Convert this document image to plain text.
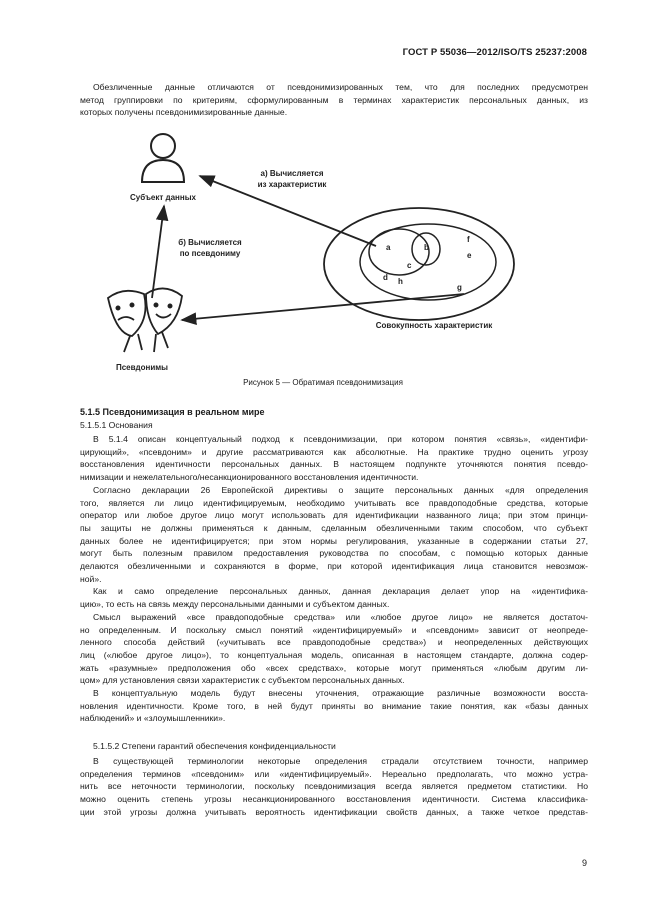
ГОСТ Р 55036—2012/ISO/TS 25237:2008
Обезличенные данные отличаются от псевдонимизированных тем, что для последних предусмотрен
метод группировки по критериям, сформулированным в терминах характеристик персональных данных, из
которых получены псевдонимизированные данные.
Субъект данных
a	b
c
d
e
f
g
h
а) Вычисляется
из характеристик
б) Вычисляется
по псевдониму
Псевдонимы
Совокупность характеристик
Рисунок 5 — Обратимая псевдонимизация
5.1.5 Псевдонимизация в реальном мире
5.1.5.1 Основания
В 5.1.4 описан концептуальный подход к псевдонимизации, при котором понятия «связь», «идентифи-
цирующий», «псевдоним» и другие рассматриваются как абсолютные. На практике трудно оценить угрозу
восстановления идентичности персональных данных. В настоящем подпункте уточняются понятия псевдо-
нимизации и нежелательного/несанкционированного восстановления идентичности.
Согласно декларации 26 Европейской директивы о защите персональных данных «для определения
того, является ли лицо идентифицируемым, необходимо учитывать все правдоподобные средства, которые
оператор или любое другое лицо могут использовать для идентификации названного лица; при этом принци-
пы защиты не должны применяться к данным, сделанным обезличенными таким способом, что субъект
данных более не идентифицируется; при этом нормы регулирования, указанные в содержании статьи 27,
могут быть полезным правилом предоставления руководства по способам, с помощью которых данные
делаются обезличенными и сохраняются в форме, при которой идентификация лица становится невозмож-
ной».
Как и само определение персональных данных, данная декларация делает упор на «идентифика-
цию», то есть на связь между персональными данными и субъектом данных.
Смысл выражений «все правдоподобные средства» или «любое другое лицо» не является достаточ-
но определенным. И поскольку смысл понятий «идентифицируемый» и «псевдоним» зависит от неопреде-
ленного способа действий («учитывать все правдоподобные средства») и неопределенных действующих
лиц («любое другое лицо»), то концептуальная модель, описанная в настоящем стандарте, должна содер-
жать «разумные» предположения обо «всех средствах», которые могут применяться «любым другим ли-
цом» для установления связи характеристик с субъектом персональных данных.
В концептуальную модель будут внесены уточнения, отражающие различные возможности восста-
новления идентичности. Кроме того, в ней будут приняты во внимание такие понятия, как «базы данных
наблюдений» и «злоумышленники».
5.1.5.2 Степени гарантий обеспечения конфиденциальности
В существующей терминологии некоторые определения страдали отсутствием точности, например
определения терминов «псевдоним» или «идентифицируемый». Нереально предполагать, что можно устра-
нить все неточности терминологии, поскольку псевдонимизация всегда является предметом статистики. Но
можно оценить степень угрозы несанкционированного восстановления идентичности. Система классифика-
ции этой угрозы должна учитывать вероятность идентификации свойств данных, а также четкое представ-
9
